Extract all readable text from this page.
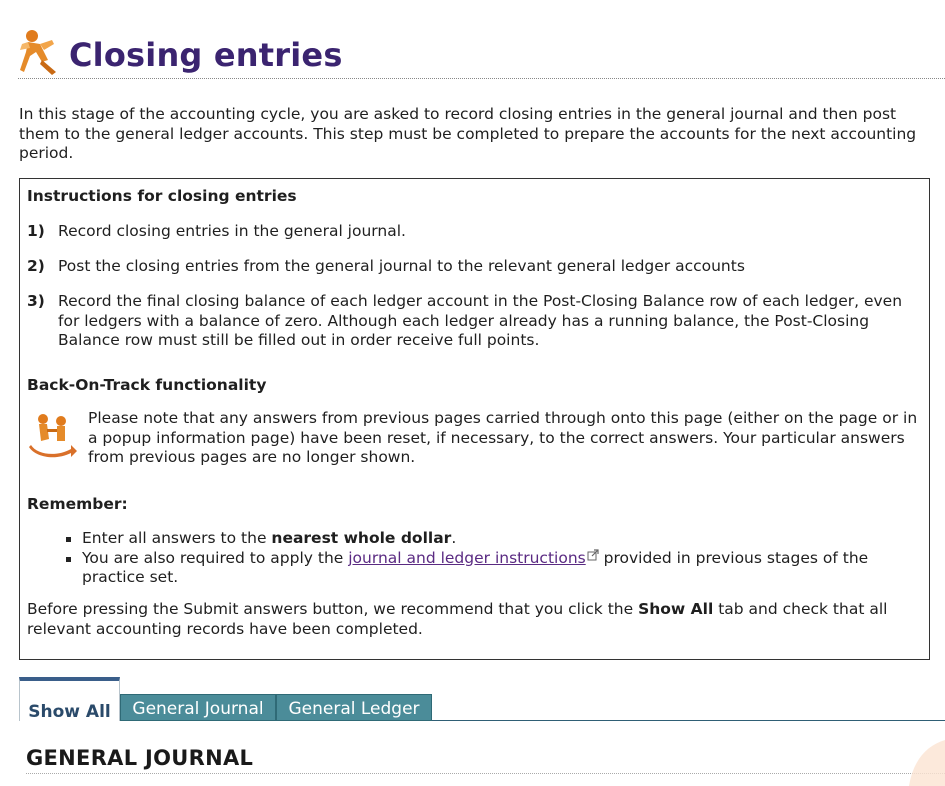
Closing entries

In this stage of the accounting cycle, you are asked to record closing entries in the general journal and then post them to the general ledger accounts. This step must be completed to prepare the accounts for the next accounting period.

Instructions for closing entries
1) Record closing entries in the general journal.
2) Post the closing entries from the general journal to the relevant general ledger accounts
3) Record the final closing balance of each ledger account in the Post-Closing Balance row of each ledger, even for ledgers with a balance of zero. Although each ledger already has a running balance, the Post-Closing Balance row must still be filled out in order receive full points.
Back-On-Track functionality
Please note that any answers from previous pages carried through onto this page (either on the page or in a popup information page) have been reset, if necessary, to the correct answers. Your particular answers from previous pages are no longer shown.
Remember:
Enter all answers to the nearest whole dollar.
You are also required to apply the journal and ledger instructions provided in previous stages of the practice set.
Before pressing the Submit answers button, we recommend that you click the Show All tab and check that all relevant accounting records have been completed.
Show All	General Journal	General Ledger
GENERAL JOURNAL
